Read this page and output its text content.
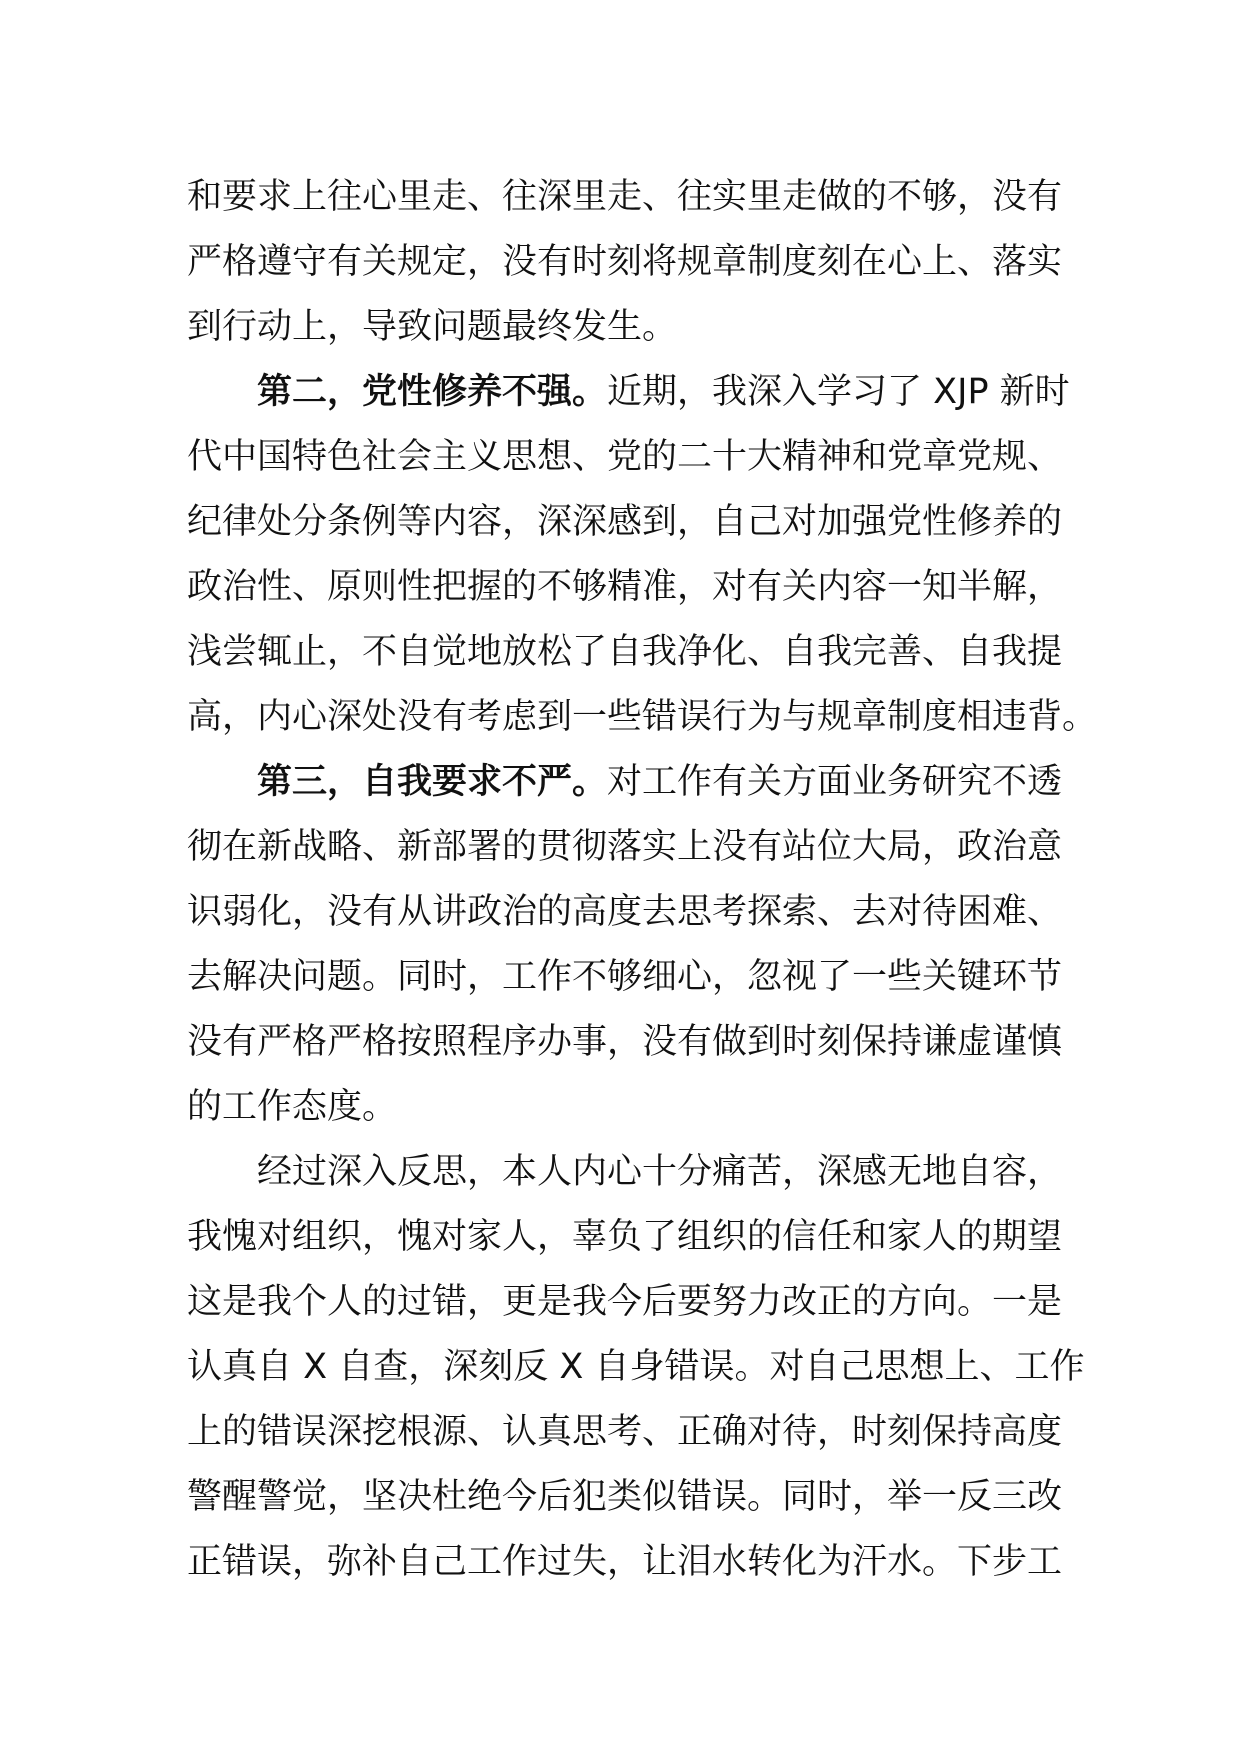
和要求上往心里走、往深里走、往实里走做的不够，没有
严格遵守有关规定，没有时刻将规章制度刻在心上、落实
到行动上，导致问题最终发生。
第二，党性修养不强。近期，我深入学习了 XJP 新时
代中国特色社会主义思想、党的二十大精神和党章党规、
纪律处分条例等内容，深深感到，自己对加强党性修养的
政治性、原则性把握的不够精准，对有关内容一知半解，
浅尝辄止，不自觉地放松了自我净化、自我完善、自我提
高，内心深处没有考虑到一些错误行为与规章制度相违背。
第三，自我要求不严。对工作有关方面业务研究不透
彻在新战略、新部署的贯彻落实上没有站位大局，政治意
识弱化，没有从讲政治的高度去思考探索、去对待困难、
去解决问题。同时，工作不够细心，忽视了一些关键环节
没有严格严格按照程序办事，没有做到时刻保持谦虚谨慎
的工作态度。
经过深入反思，本人内心十分痛苦，深感无地自容，
我愧对组织，愧对家人，辜负了组织的信任和家人的期望
这是我个人的过错，更是我今后要努力改正的方向。一是
认真自 X 自查，深刻反 X 自身错误。对自己思想上、工作
上的错误深挖根源、认真思考、正确对待，时刻保持高度
警醒警觉，坚决杜绝今后犯类似错误。同时，举一反三改
正错误，弥补自己工作过失，让泪水转化为汗水。下步工
